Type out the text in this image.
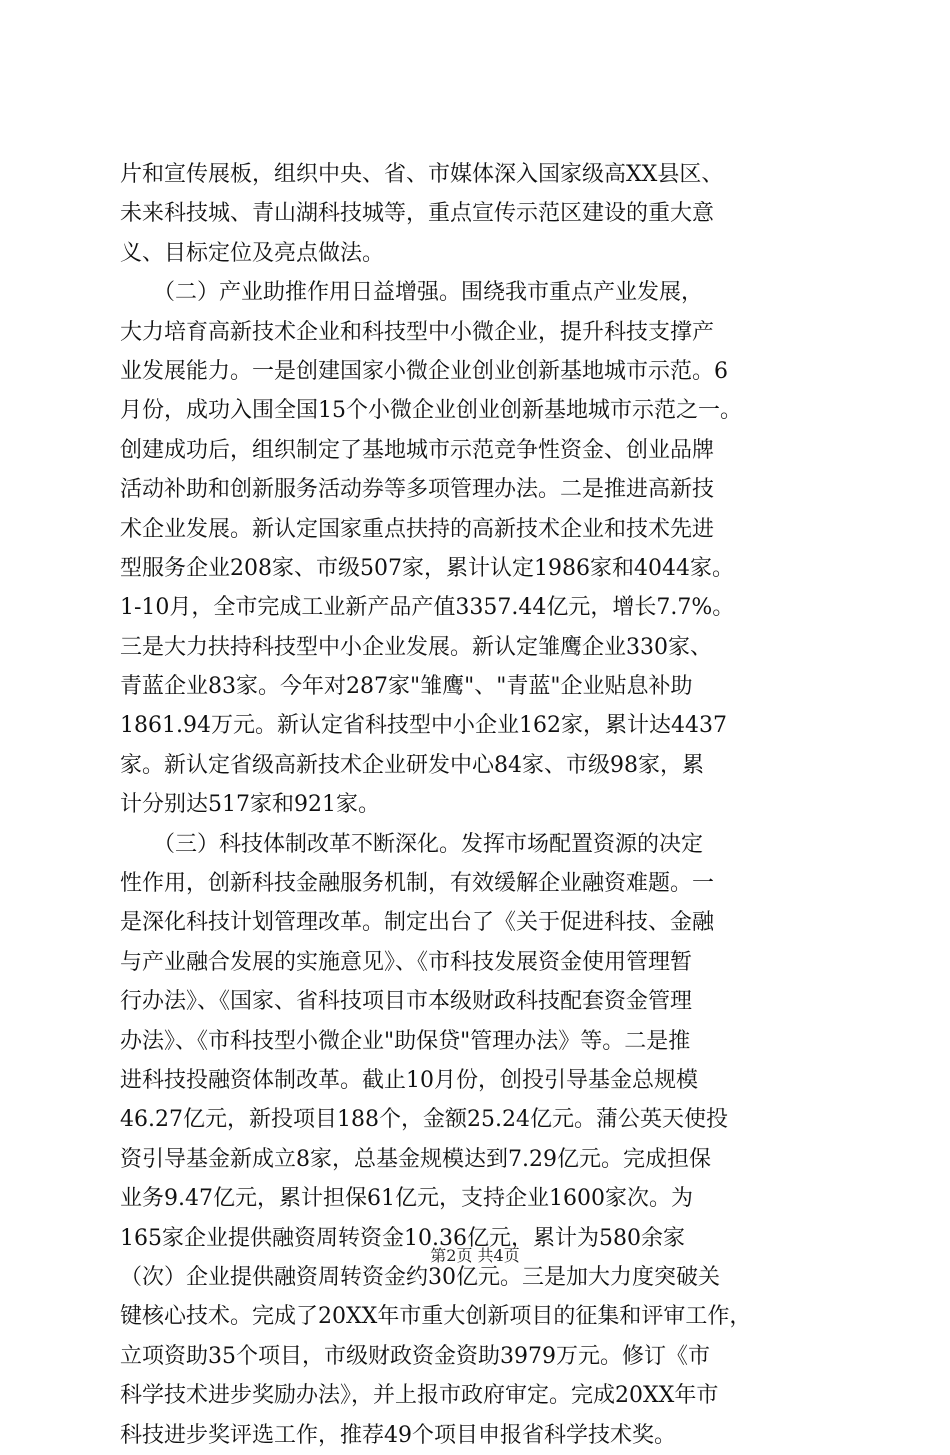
片和宣传展板，组织中央、省、市媒体深入国家级高XX县区、
未来科技城、青山湖科技城等，重点宣传示范区建设的重大意
义、目标定位及亮点做法。
　　（二）产业助推作用日益增强。围绕我市重点产业发展，
大力培育高新技术企业和科技型中小微企业，提升科技支撑产
业发展能力。一是创建国家小微企业创业创新基地城市示范。6
月份，成功入围全国15个小微企业创业创新基地城市示范之一。
创建成功后，组织制定了基地城市示范竞争性资金、创业品牌
活动补助和创新服务活动券等多项管理办法。二是推进高新技
术企业发展。新认定国家重点扶持的高新技术企业和技术先进
型服务企业208家、市级507家，累计认定1986家和4044家。
1-10月，全市完成工业新产品产值3357.44亿元，增长7.7%。
三是大力扶持科技型中小企业发展。新认定雏鹰企业330家、
青蓝企业83家。今年对287家"雏鹰"、"青蓝"企业贴息补助
1861.94万元。新认定省科技型中小企业162家，累计达4437
家。新认定省级高新技术企业研发中心84家、市级98家，累
计分别达517家和921家。
　　（三）科技体制改革不断深化。发挥市场配置资源的决定
性作用，创新科技金融服务机制，有效缓解企业融资难题。一
是深化科技计划管理改革。制定出台了《关于促进科技、金融
与产业融合发展的实施意见》、《市科技发展资金使用管理暂
行办法》、《国家、省科技项目市本级财政科技配套资金管理
办法》、《市科技型小微企业"助保贷"管理办法》等。二是推
进科技投融资体制改革。截止10月份，创投引导基金总规模
46.27亿元，新投项目188个，金额25.24亿元。蒲公英天使投
资引导基金新成立8家，总基金规模达到7.29亿元。完成担保
业务9.47亿元，累计担保61亿元，支持企业1600家次。为
165家企业提供融资周转资金10.36亿元，累计为580余家
（次）企业提供融资周转资金约30亿元。三是加大力度突破关
键核心技术。完成了20XX年市重大创新项目的征集和评审工作，
立项资助35个项目，市级财政资金资助3979万元。修订《市
科学技术进步奖励办法》，并上报市政府审定。完成20XX年市
科技进步奖评选工作，推荐49个项目申报省科学技术奖。
第2页 共4页
